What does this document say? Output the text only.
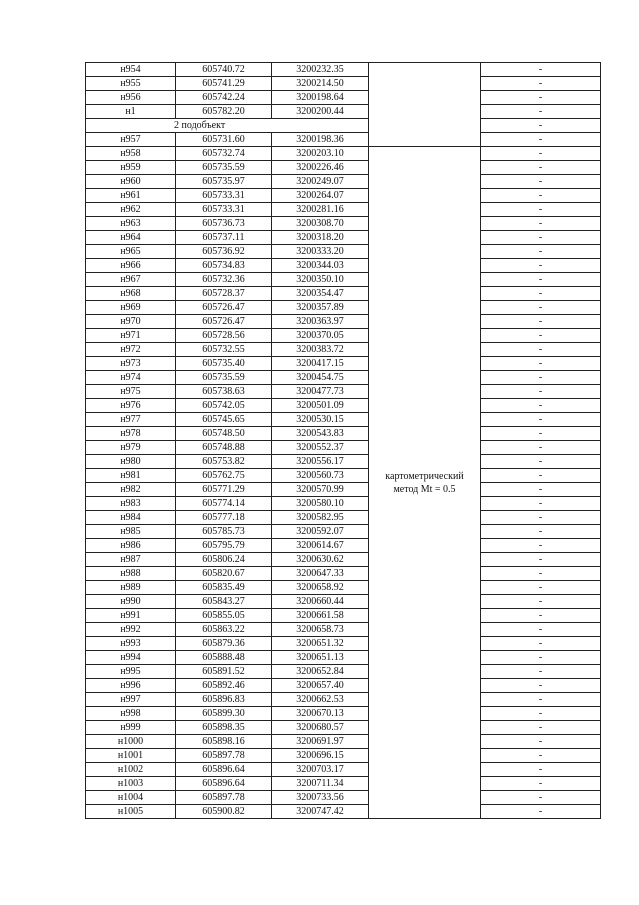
н954	605740.72	3200232.35		-
н955	605741.29	3200214.50		-
н956	605742.24	3200198.64		-
н1	605782.20	3200200.44		-
2 подобъект				-
н957	605731.60	3200198.36		-
н958	605732.74	3200203.10	картометрический
метод Mt = 0.5	-
н959	605735.59	3200226.46		-
н960	605735.97	3200249.07		-
н961	605733.31	3200264.07		-
н962	605733.31	3200281.16		-
н963	605736.73	3200308.70		-
н964	605737.11	3200318.20		-
н965	605736.92	3200333.20		-
н966	605734.83	3200344.03		-
н967	605732.36	3200350.10		-
н968	605728.37	3200354.47		-
н969	605726.47	3200357.89		-
н970	605726.47	3200363.97		-
н971	605728.56	3200370.05		-
н972	605732.55	3200383.72		-
н973	605735.40	3200417.15		-
н974	605735.59	3200454.75		-
н975	605738.63	3200477.73		-
н976	605742.05	3200501.09		-
н977	605745.65	3200530.15		-
н978	605748.50	3200543.83		-
н979	605748.88	3200552.37		-
н980	605753.82	3200556.17		-
н981	605762.75	3200560.73		-
н982	605771.29	3200570.99		-
н983	605774.14	3200580.10		-
н984	605777.18	3200582.95		-
н985	605785.73	3200592.07		-
н986	605795.79	3200614.67		-
н987	605806.24	3200630.62		-
н988	605820.67	3200647.33		-
н989	605835.49	3200658.92		-
н990	605843.27	3200660.44		-
н991	605855.05	3200661.58		-
н992	605863.22	3200658.73		-
н993	605879.36	3200651.32		-
н994	605888.48	3200651.13		-
н995	605891.52	3200652.84		-
н996	605892.46	3200657.40		-
н997	605896.83	3200662.53		-
н998	605899.30	3200670.13		-
н999	605898.35	3200680.57		-
н1000	605898.16	3200691.97		-
н1001	605897.78	3200696.15		-
н1002	605896.64	3200703.17		-
н1003	605896.64	3200711.34		-
н1004	605897.78	3200733.56		-
н1005	605900.82	3200747.42		-
